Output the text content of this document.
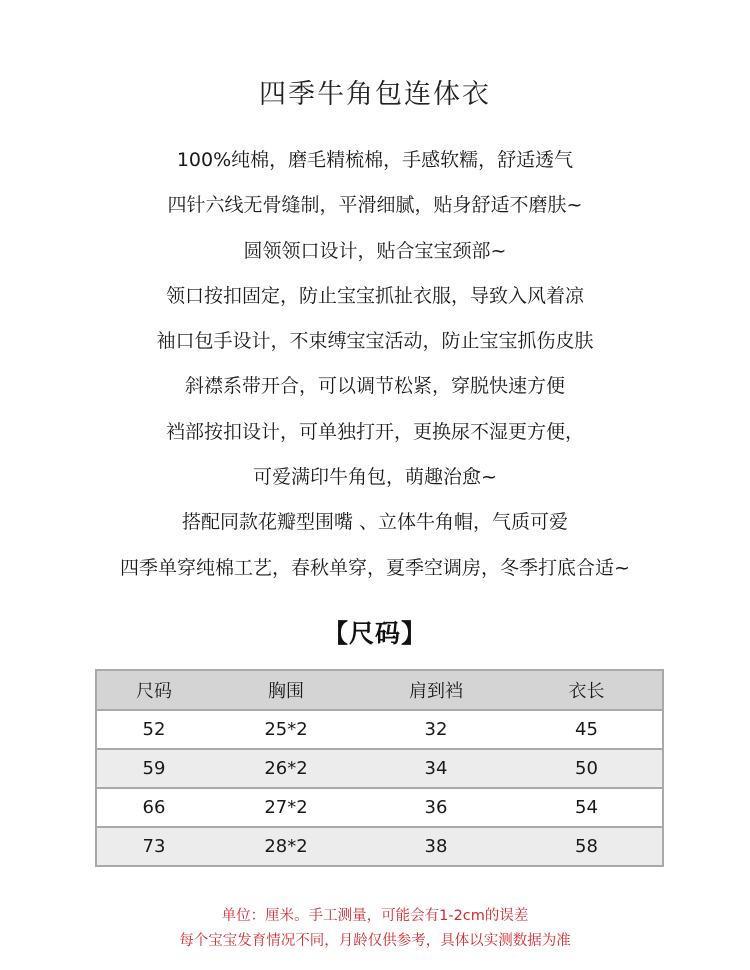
四季牛角包连体衣
100%纯棉，磨毛精梳棉，手感软糯，舒适透气
四针六线无骨缝制，平滑细腻，贴身舒适不磨肤~
圆领领口设计，贴合宝宝颈部~
领口按扣固定，防止宝宝抓扯衣服，导致入风着凉
袖口包手设计，不束缚宝宝活动，防止宝宝抓伤皮肤
斜襟系带开合，可以调节松紧，穿脱快速方便
裆部按扣设计，可单独打开，更换尿不湿更方便，
可爱满印牛角包，萌趣治愈~
搭配同款花瓣型围嘴 、立体牛角帽，气质可爱
四季单穿纯棉工艺，春秋单穿，夏季空调房，冬季打底合适~
【尺码】
尺码	胸围	肩到裆	衣长
52	25*2	32	45
59	26*2	34	50
66	27*2	36	54
73	28*2	38	58
单位：厘米。手工测量，可能会有1-2cm的误差
每个宝宝发育情况不同，月龄仅供参考，具体以实测数据为准
